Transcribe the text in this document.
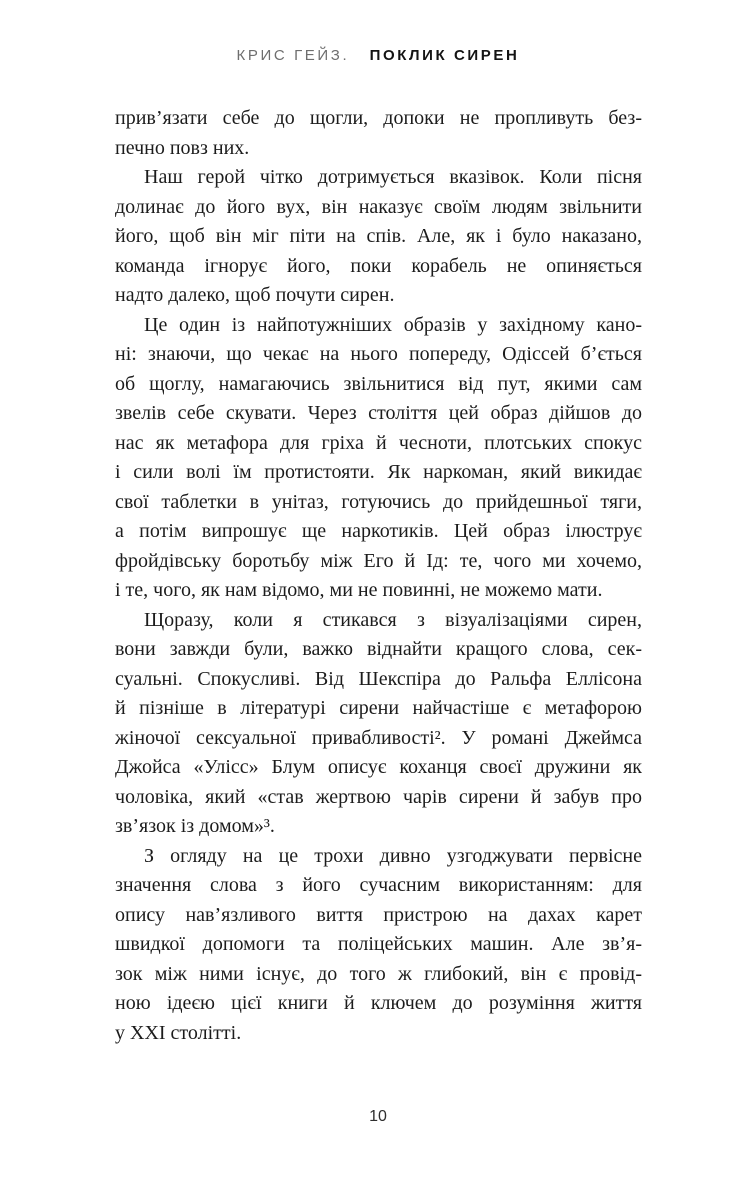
КРИС ГЕЙЗ. ПОКЛИК СИРЕН
прив’язати себе до щогли, допоки не пропливуть без-
печно повз них.
Наш герой чітко дотримується вказівок. Коли пісня
долинає до його вух, він наказує своїм людям звільнити
його, щоб він міг піти на спів. Але, як і було наказано,
команда ігнорує його, поки корабель не опиняється
надто далеко, щоб почути сирен.
Це один із найпотужніших образів у західному кано-
ні: знаючи, що чекає на нього попереду, Одіссей б’ється
об щоглу, намагаючись звільнитися від пут, якими сам
звелів себе скувати. Через століття цей образ дійшов до
нас як метафора для гріха й чесноти, плотських спокус
і сили волі їм протистояти. Як наркоман, який викидає
свої таблетки в унітаз, готуючись до прийдешньої тяги,
а потім випрошує ще наркотиків. Цей образ ілюструє
фройдівську боротьбу між Его й Ід: те, чого ми хочемо,
і те, чого, як нам відомо, ми не повинні, не можемо мати.
Щоразу, коли я стикався з візуалізаціями сирен,
вони завжди були, важко віднайти кращого слова, сек-
суальні. Спокусливі. Від Шекспіра до Ральфа Еллісона
й пізніше в літературі сирени найчастіше є метафорою
жіночої сексуальної привабливості². У романі Джеймса
Джойса «Улісс» Блум описує коханця своєї дружини як
чоловіка, який «став жертвою чарів сирени й забув про
зв’язок із домом»³.
З огляду на це трохи дивно узгоджувати первісне
значення слова з його сучасним використанням: для
опису нав’язливого виття пристрою на дахах карет
швидкої допомоги та поліцейських машин. Але зв’я-
зок між ними існує, до того ж глибокий, він є провід-
ною ідеєю цієї книги й ключем до розуміння життя
у XXI столітті.
10
